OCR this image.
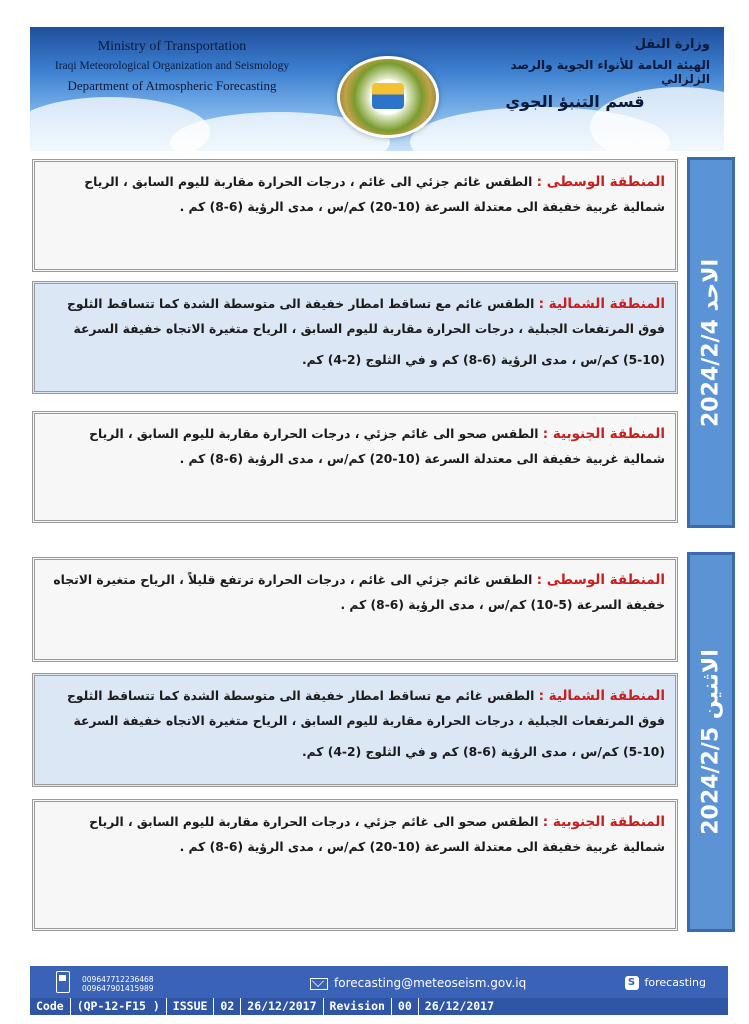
Ministry of Transportation
Iraqi Meteorological Organization and Seismology
Department of Atmospheric Forecasting
وزارة النقل
الهيئة العامة للأنواء الجوية والرصد الزلزالي
قسم التنبؤ الجوي
الاحد 2024/2/4
المنطقة الوسطى : الطقس غائم جزئي الى غائم ، درجات الحرارة مقاربة لليوم السابق ، الرياح شمالية غربية خفيفة الى معتدلة السرعة (10-20) كم/س ، مدى الرؤية (6-8) كم .
المنطقة الشمالية : الطقس غائم مع تساقط امطار خفيفة الى متوسطة الشدة كما تتساقط الثلوج فوق المرتفعات الجبلية ، درجات الحرارة مقاربة لليوم السابق ، الرياح متغيرة الاتجاه خفيفة السرعة
(5-10) كم/س ، مدى الرؤية (6-8) كم و في الثلوج (2-4) كم.
المنطقة الجنوبية : الطقس صحو الى غائم جزئي ، درجات الحرارة مقاربة لليوم السابق ، الرياح شمالية غربية خفيفة الى معتدلة السرعة (10-20) كم/س ، مدى الرؤية (6-8) كم .
الاثنين 2024/2/5
المنطقة الوسطى : الطقس غائم جزئي الى غائم ، درجات الحرارة ترتفع قليلاً ، الرياح متغيرة الاتجاه خفيفة السرعة (5-10) كم/س ، مدى الرؤية (6-8) كم .
المنطقة الشمالية : الطقس غائم مع تساقط امطار خفيفة الى متوسطة الشدة كما تتساقط الثلوج فوق المرتفعات الجبلية ، درجات الحرارة مقاربة لليوم السابق ، الرياح متغيرة الاتجاه خفيفة السرعة
(5-10) كم/س ، مدى الرؤية (6-8) كم و في الثلوج (2-4) كم.
المنطقة الجنوبية : الطقس صحو الى غائم جزئي ، درجات الحرارة مقاربة لليوم السابق ، الرياح شمالية غربية خفيفة الى معتدلة السرعة (10-20) كم/س ، مدى الرؤية (6-8) كم .
009647712236468
009647901415989	forecasting@meteoseism.gov.iq	S forecasting
Code	(QP-12-F15 )	ISSUE	02	26/12/2017	Revision	00	26/12/2017
